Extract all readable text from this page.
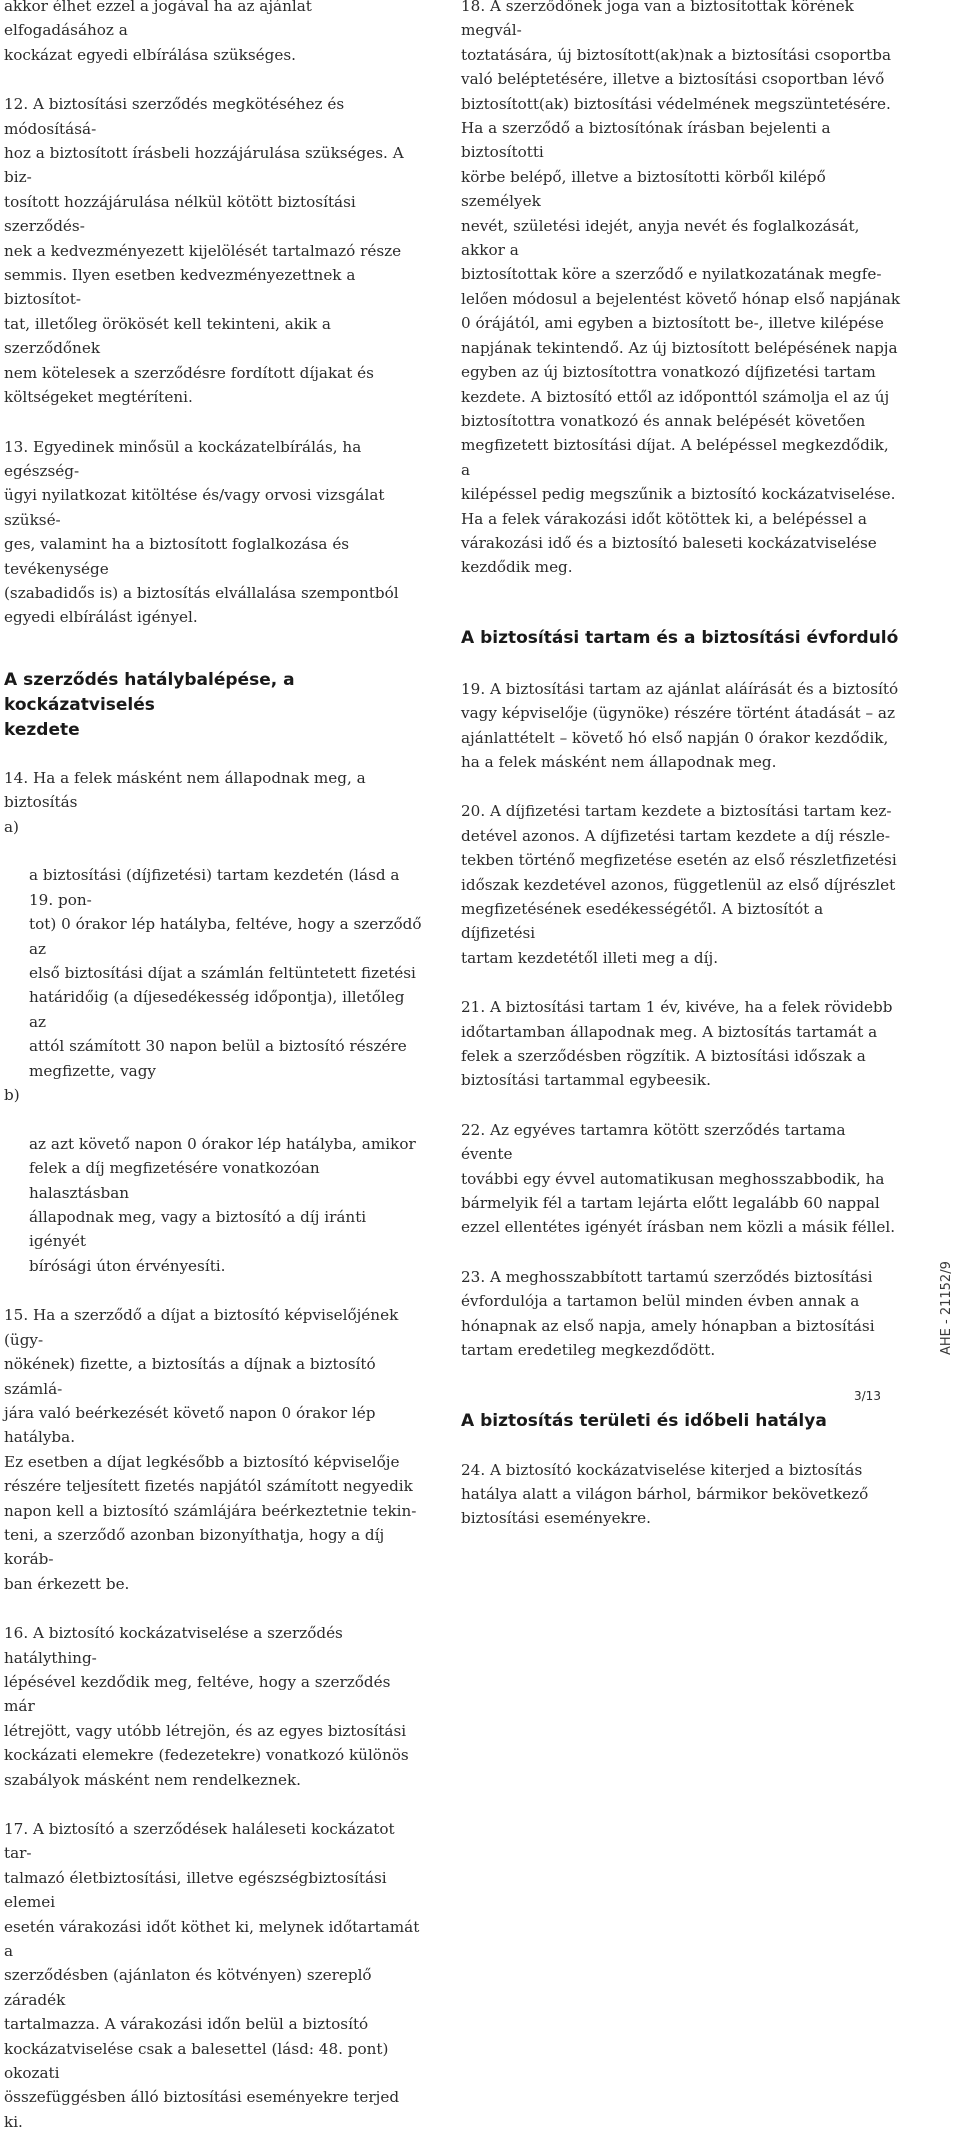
akkor élhet ezzel a jogával ha az ajánlat elfogadásához a
kockázat egyedi elbírálása szükséges.

12. A biztosítási szerződés megkötéséhez és módosításá-
hoz a biztosított írásbeli hozzájárulása szükséges. A biz-
tosított hozzájárulása nélkül kötött biztosítási szerződés-
nek a kedvezményezett kijelölését tartalmazó része
semmis. Ilyen esetben kedvezményezettnek a biztosítot-
tat, illetőleg örökösét kell tekinteni, akik a szerződőnek
nem kötelesek a szerződésre fordított díjakat és
költségeket megtéríteni.

13. Egyedinek minősül a kockázatelbírálás, ha egészség-
ügyi nyilatkozat kitöltése és/vagy orvosi vizsgálat szüksé-
ges, valamint ha a biztosított foglalkozása és tevékenysége
(szabadidős is) a biztosítás elvállalása szempontból
egyedi elbírálást igényel.

A szerződés hatálybalépése, a kockázatviselés
kezdete

14. Ha a felek másként nem állapodnak meg, a biztosítás

a)

a biztosítási (díjfizetési) tartam kezdetén (lásd a 19. pon-
tot) 0 órakor lép hatályba, feltéve, hogy a szerződő az
első biztosítási díjat a számlán feltüntetett fizetési
határidőig (a díjesedékesség időpontja), illetőleg az
attól számított 30 napon belül a biztosító részére
megfizette, vagy

b)

az azt követő napon 0 órakor lép hatályba, amikor
felek a díj megfizetésére vonatkozóan halasztásban
állapodnak meg, vagy a biztosító a díj iránti igényét
bírósági úton érvényesíti.

15. Ha a szerződő a díjat a biztosító képviselőjének (ügy-
nökének) fizette, a biztosítás a díjnak a biztosító számlá-
jára való beérkezését követő napon 0 órakor lép hatályba.
Ez esetben a díjat legkésőbb a biztosító képviselője
részére teljesített fizetés napjától számított negyedik
napon kell a biztosító számlájára beérkeztetnie tekin-
teni, a szerződő azonban bizonyíthatja, hogy a díj koráb-
ban érkezett be.

16. A biztosító kockázatviselése a szerződés hatálything-
lépésével kezdődik meg, feltéve, hogy a szerződés már
létrejött, vagy utóbb létrejön, és az egyes biztosítási
kockázati elemekre (fedezetekre) vonatkozó különös
szabályok másként nem rendelkeznek.

17. A biztosító a szerződések haláleseti kockázatot tar-
talmazó életbiztosítási, illetve egészségbiztosítási elemei
esetén várakozási időt köthet ki, melynek időtartamát a
szerződésben (ajánlaton és kötvényen) szereplő záradék
tartalmazza. A várakozási időn belül a biztosító
kockázatviselése csak a balesettel (lásd: 48. pont) okozati
összefüggésben álló biztosítási eseményekre terjed ki.

18. A szerződőnek joga van a biztosítottak körének megvál-
toztatására, új biztosított(ak)nak a biztosítási csoportba
való beléptetésére, illetve a biztosítási csoportban lévő
biztosított(ak) biztosítási védelmének megszüntetésére.
Ha a szerződő a biztosítónak írásban bejelenti a biztosítotti
körbe belépő, illetve a biztosítotti körből kilépő személyek
nevét, születési idejét, anyja nevét és foglalkozását, akkor a
biztosítottak köre a szerződő e nyilatkozatának megfe-
lelően módosul a bejelentést követő hónap első napjának
0 órájától, ami egyben a biztosított be-, illetve kilépése
napjának tekintendő. Az új biztosított belépésének napja
egyben az új biztosítottra vonatkozó díjfizetési tartam
kezdete. A biztosító ettől az időponttól számolja el az új
biztosítottra vonatkozó és annak belépését követően
megfizetett biztosítási díjat. A belépéssel megkezdődik, a
kilépéssel pedig megszűnik a biztosító kockázatviselése.
Ha a felek várakozási időt kötöttek ki, a belépéssel a
várakozási idő és a biztosító baleseti kockázatviselése
kezdődik meg.

A biztosítási tartam és a biztosítási évforduló

19. A biztosítási tartam az ajánlat aláírását és a biztosító
vagy képviselője (ügynöke) részére történt átadását – az
ajánlattételt – követő hó első napján 0 órakor kezdődik,
ha a felek másként nem állapodnak meg.

20. A díjfizetési tartam kezdete a biztosítási tartam kez-
detével azonos. A díjfizetési tartam kezdete a díj részle-
tekben történő megfizetése esetén az első részletfizetési
időszak kezdetével azonos, függetlenül az első díjrészlet
megfizetésének esedékességétől. A biztosítót a díjfizetési
tartam kezdetétől illeti meg a díj.

21. A biztosítási tartam 1 év, kivéve, ha a felek rövidebb
időtartamban állapodnak meg. A biztosítás tartamát a
felek a szerződésben rögzítik. A biztosítási időszak a
biztosítási tartammal egybeesik.

22. Az egyéves tartamra kötött szerződés tartama évente
további egy évvel automatikusan meghosszabbodik, ha
bármelyik fél a tartam lejárta előtt legalább 60 nappal
ezzel ellentétes igényét írásban nem közli a másik féllel.

23. A meghosszabbított tartamú szerződés biztosítási
évfordulója a tartamon belül minden évben annak a
hónapnak az első napja, amely hónapban a biztosítási
tartam eredetileg megkezdődött.

A biztosítás területi és időbeli hatálya

24. A biztosító kockázatviselése kiterjed a biztosítás
hatálya alatt a világon bárhol, bármikor bekövetkező
biztosítási eseményekre.

AHE - 21152/9
3/13
